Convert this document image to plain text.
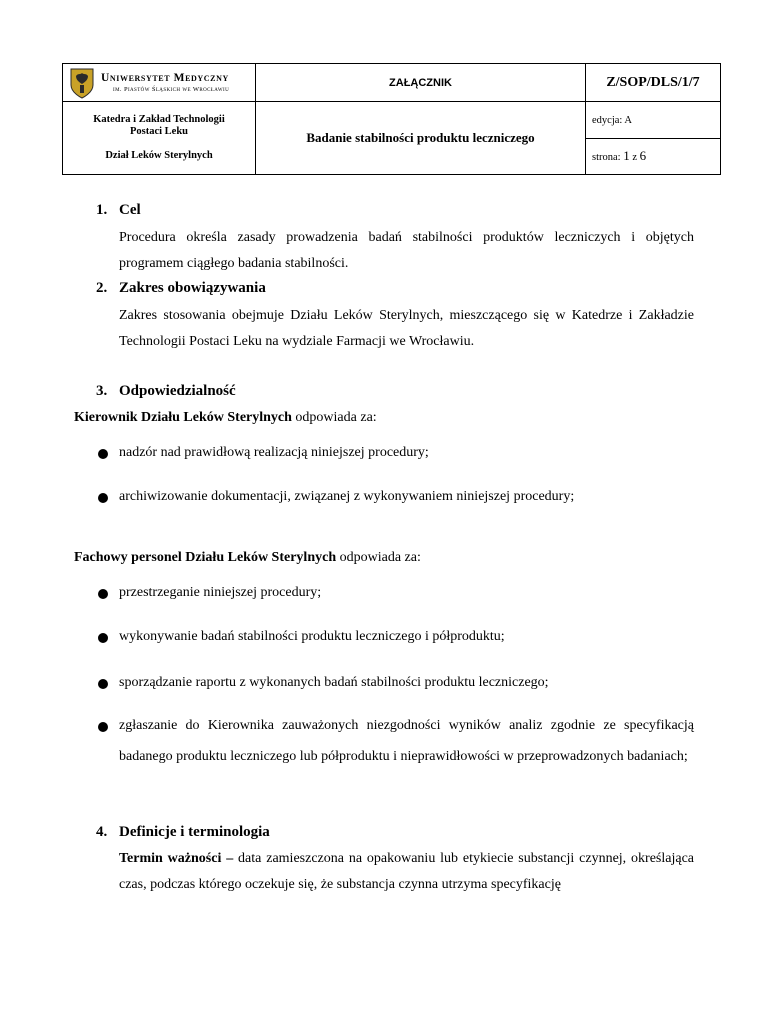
Uniwersytet Medyczny
im. Piastów Śląskich we Wrocławiu	ZAŁĄCZNIK	Z/SOP/DLS/1/7
Katedra i Zakład Technologii
Postaci Leku
Dział Leków Sterylnych	Badanie stabilności produktu leczniczego	edycja: A
		strona: 1 z 6
1. Cel
Procedura określa zasady prowadzenia badań stabilności produktów leczniczych i objętych programem ciągłego badania stabilności.
2. Zakres obowiązywania
Zakres stosowania obejmuje Działu Leków Sterylnych, mieszczącego się w Katedrze i Zakładzie Technologii Postaci Leku na wydziale Farmacji we Wrocławiu.
3. Odpowiedzialność
Kierownik Działu Leków Sterylnych odpowiada za:
nadzór nad prawidłową realizacją niniejszej procedury;
archiwizowanie dokumentacji, związanej z wykonywaniem niniejszej procedury;
Fachowy personel Działu Leków Sterylnych odpowiada za:
przestrzeganie niniejszej procedury;
wykonywanie badań stabilności produktu leczniczego i półproduktu;
sporządzanie raportu z wykonanych badań stabilności produktu leczniczego;
zgłaszanie do Kierownika zauważonych niezgodności wyników analiz zgodnie ze specyfikacją badanego produktu leczniczego lub półproduktu i nieprawidłowości w przeprowadzonych badaniach;
4. Definicje i terminologia
Termin ważności – data zamieszczona na opakowaniu lub etykiecie substancji czynnej, określająca czas, podczas którego oczekuje się, że substancja czynna utrzyma specyfikację
